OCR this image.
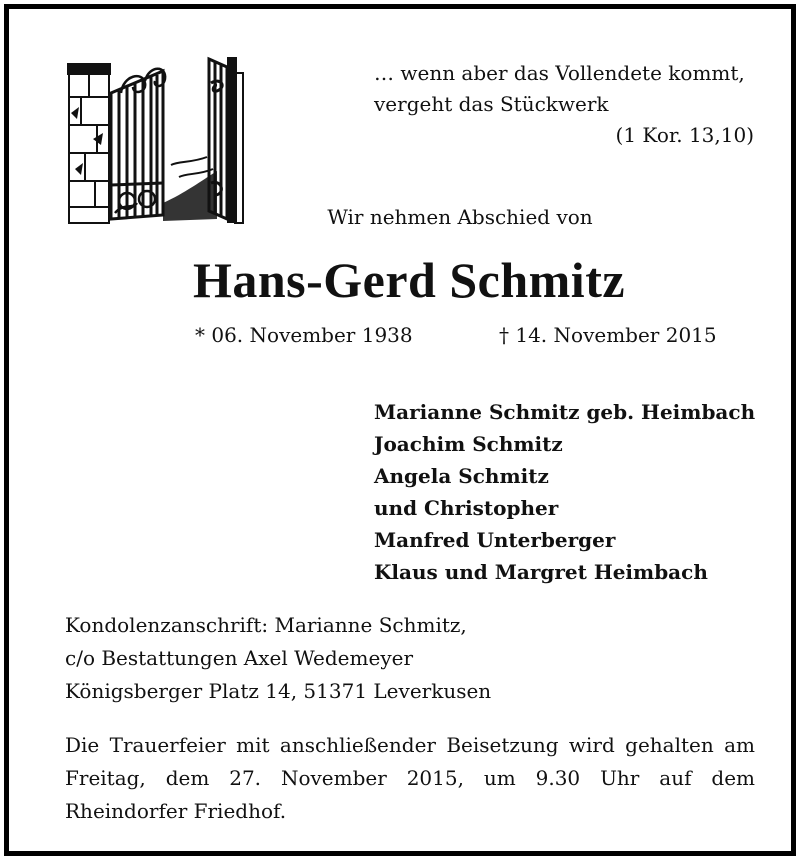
… wenn aber das Vollendete kommt,
vergeht das Stückwerk
(1 Kor. 13,10)
Wir nehmen Abschied von
Hans-Gerd Schmitz
* 06. November 1938	† 14. November 2015
Marianne Schmitz geb. Heimbach
Joachim Schmitz
Angela Schmitz
und Christopher
Manfred Unterberger
Klaus und Margret Heimbach
Kondolenzanschrift: Marianne Schmitz,
c/o Bestattungen Axel Wedemeyer
Königsberger Platz 14, 51371 Leverkusen
Die Trauerfeier mit anschließender Beisetzung wird gehalten am Freitag, dem 27. November 2015, um 9.30 Uhr auf dem Rheindorfer Friedhof.
